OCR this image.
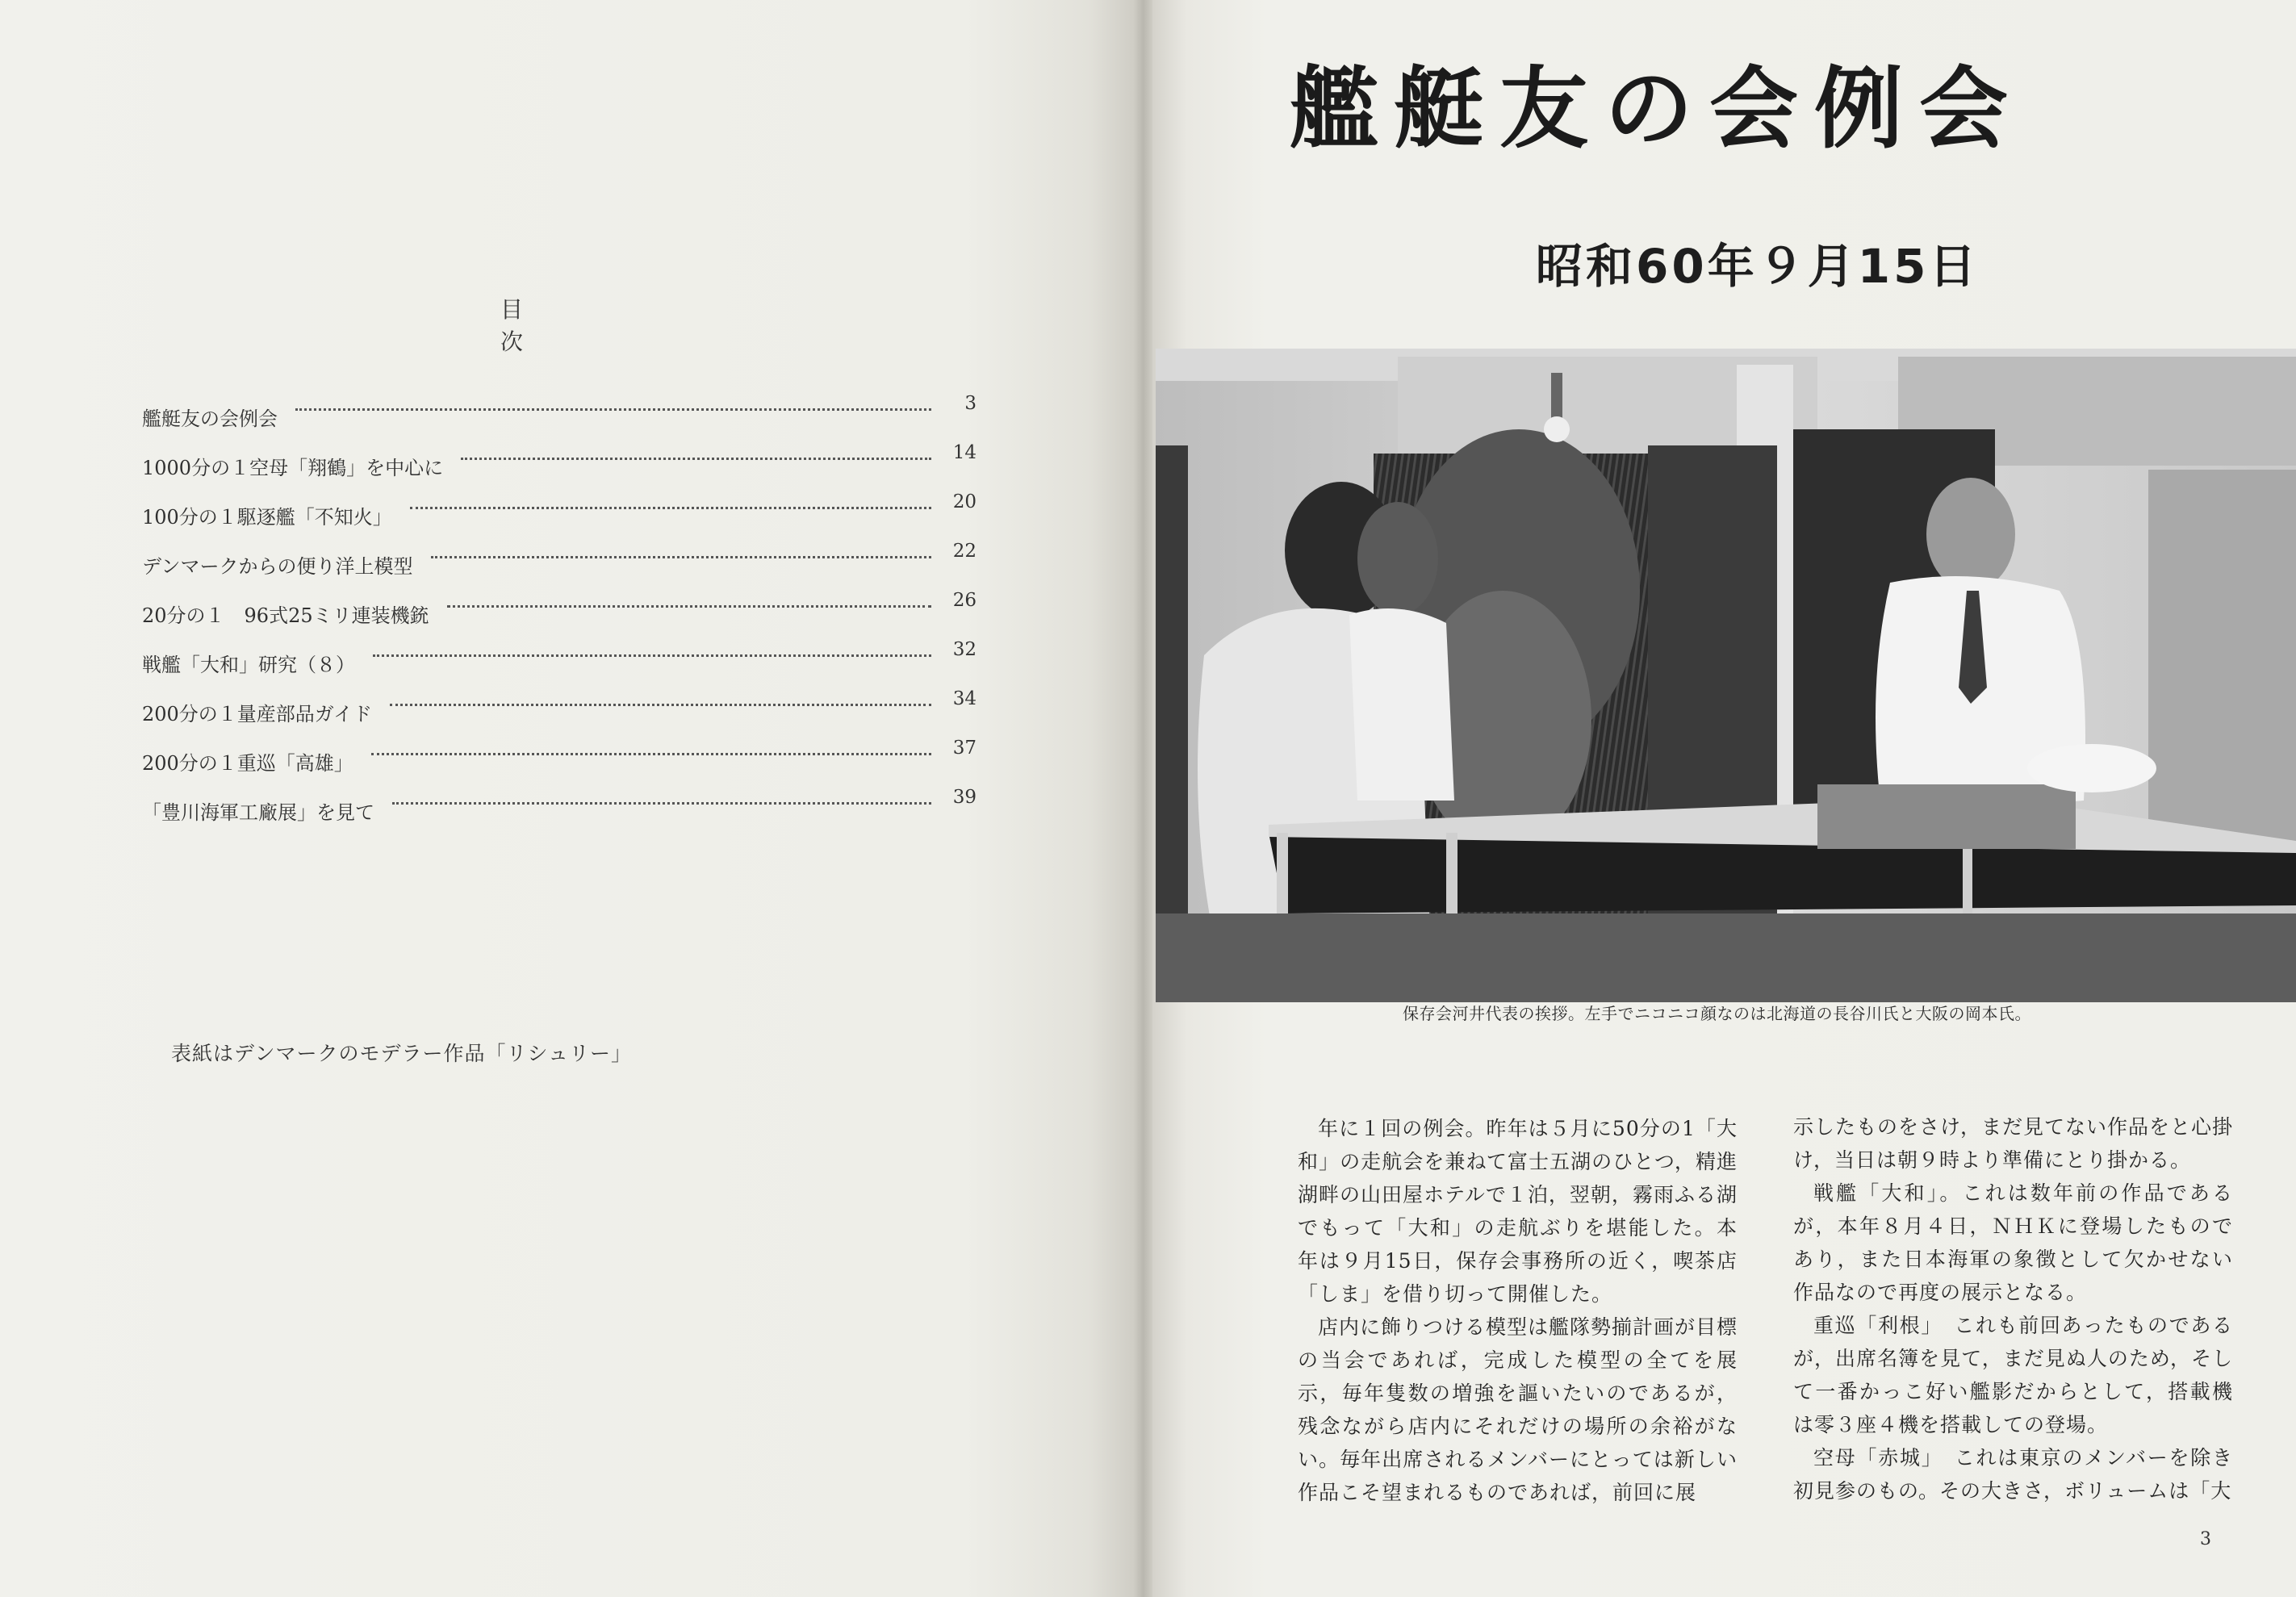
目　次
艦艇友の会例会
3
1000分の１空母「翔鶴」を中心に
14
100分の１駆逐艦「不知火」
20
デンマークからの便り洋上模型
22
20分の１　96式25ミリ連装機銃
26
戦艦「大和」研究（８）
32
200分の１量産部品ガイド
34
200分の１重巡「高雄」
37
「豊川海軍工廠展」を見て
39
表紙はデンマークのモデラー作品「リシュリー」
艦艇友の会例会
昭和60年９月15日
保存会河井代表の挨拶。左手でニコニコ顔なのは北海道の長谷川氏と大阪の岡本氏。

年に１回の例会。昨年は５月に50分の1「大和」の走航会を兼ねて富士五湖のひとつ，精進湖畔の山田屋ホテルで１泊，翌朝，霧雨ふる湖でもって「大和」の走航ぶりを堪能した。本年は９月15日，保存会事務所の近く，喫茶店「しま」を借り切って開催した。

店内に飾りつける模型は艦隊勢揃計画が目標の当会であれば，完成した模型の全てを展示，毎年隻数の増強を謳いたいのであるが，残念ながら店内にそれだけの場所の余裕がない。毎年出席されるメンバーにとっては新しい作品こそ望まれるものであれば，前回に展

示したものをさけ，まだ見てない作品をと心掛け，当日は朝９時より準備にとり掛かる。

戦艦「大和」。これは数年前の作品であるが，本年８月４日，ＮＨＫに登場したものであり，また日本海軍の象徴として欠かせない作品なので再度の展示となる。

重巡「利根」　これも前回あったものであるが，出席名簿を見て，まだ見ぬ人のため，そして一番かっこ好い艦影だからとして，搭載機は零３座４機を搭載しての登場。

空母「赤城」　これは東京のメンバーを除き初見参のもの。その大きさ，ボリュームは「大

3
